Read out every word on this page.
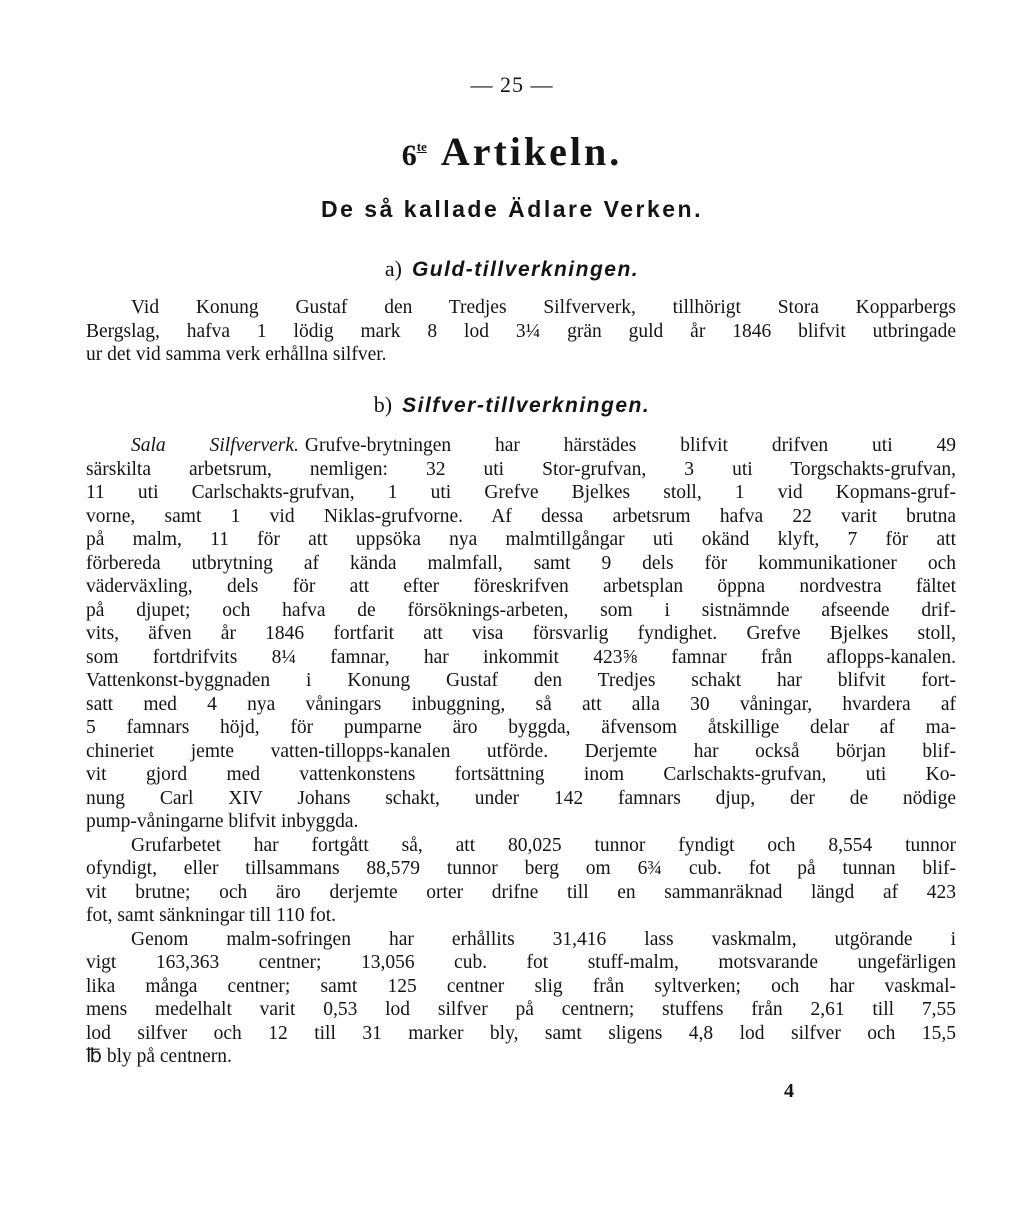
— 25 —
$6^{te}$ Artikeln.
De så kallade Ädlare Verken.
a) Guld-tillverkningen.
Vid Konung Gustaf den Tredjes Silfververk, tillhörigt Stora Kopparbergs
Bergslag, hafva 1 lödig mark 8 lod 3¼ grän guld år 1846 blifvit utbringade
ur det vid samma verk erhållna silfver.
b) Silfver-tillverkningen.
Sala Silfververk. Grufve-brytningen har härstädes blifvit drifven uti 49
särskilta arbetsrum, nemligen: 32 uti Stor-grufvan, 3 uti Torgschakts-grufvan,
11 uti Carlschakts-grufvan, 1 uti Grefve Bjelkes stoll, 1 vid Kopmans-gruf-
vorne, samt 1 vid Niklas-grufvorne. Af dessa arbetsrum hafva 22 varit brutna
på malm, 11 för att uppsöka nya malmtillgångar uti okänd klyft, 7 för att
förbereda utbrytning af kända malmfall, samt 9 dels för kommunikationer och
väderväxling, dels för att efter föreskrifven arbetsplan öppna nordvestra fältet
på djupet; och hafva de försöknings-arbeten, som i sistnämnde afseende drif-
vits, äfven år 1846 fortfarit att visa försvarlig fyndighet. Grefve Bjelkes stoll,
som fortdrifvits 8¼ famnar, har inkommit 423⅝ famnar från aflopps-kanalen.
Vattenkonst-byggnaden i Konung Gustaf den Tredjes schakt har blifvit fort-
satt med 4 nya våningars inbuggning, så att alla 30 våningar, hvardera af
5 famnars höjd, för pumparne äro byggda, äfvensom åtskillige delar af ma-
chineriet jemte vatten-tillopps-kanalen utförde. Derjemte har också början blif-
vit gjord med vattenkonstens fortsättning inom Carlschakts-grufvan, uti Ko-
nung Carl XIV Johans schakt, under 142 famnars djup, der de nödige
pump-våningarne blifvit inbyggda.
Grufarbetet har fortgått så, att 80,025 tunnor fyndigt och 8,554 tunnor
ofyndigt, eller tillsammans 88,579 tunnor berg om 6¾ cub. fot på tunnan blif-
vit brutne; och äro derjemte orter drifne till en sammanräknad längd af 423
fot, samt sänkningar till 110 fot.
Genom malm-sofringen har erhållits 31,416 lass vaskmalm, utgörande i
vigt 163,363 centner; 13,056 cub. fot stuff-malm, motsvarande ungefärligen
lika många centner; samt 125 centner slig från syltverken; och har vaskmal-
mens medelhalt varit 0,53 lod silfver på centnern; stuffens från 2,61 till 7,55
lod silfver och 12 till 31 marker bly, samt sligens 4,8 lod silfver och 15,5
℔ bly på centnern.
4
